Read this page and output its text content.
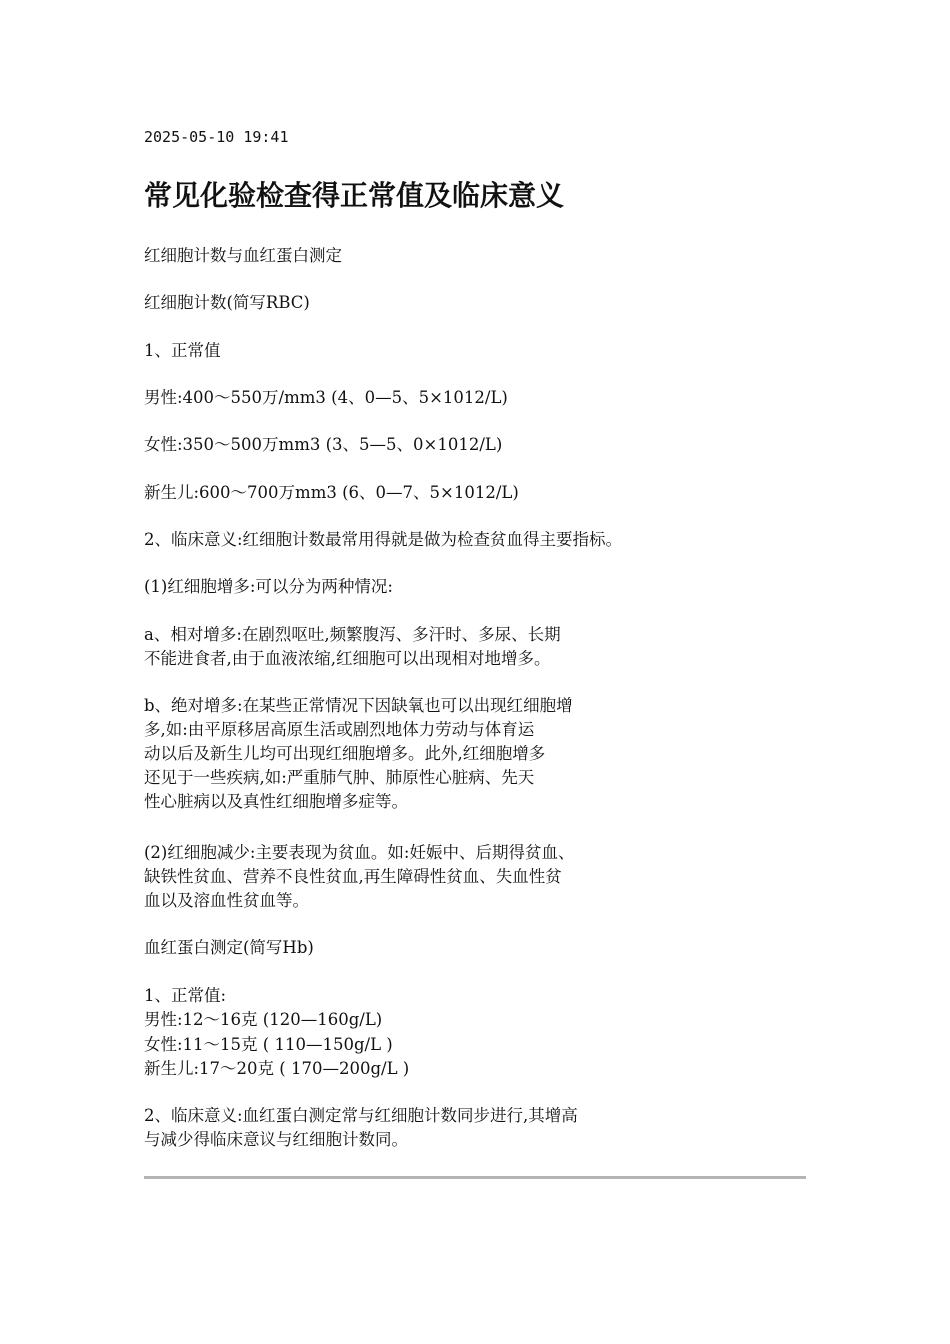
2025-05-10 19:41
常见化验检查得正常值及临床意义
红细胞计数与血红蛋白测定
红细胞计数(简写RBC)
1、正常值
男性:400～550万/mm3 (4、0—5、5×1012/L)
女性:350～500万mm3 (3、5—5、0×1012/L)
新生儿:600～700万mm3 (6、0—7、5×1012/L)
2、临床意义:红细胞计数最常用得就是做为检查贫血得主要指标。
(1)红细胞增多:可以分为两种情况:
a、相对增多:在剧烈呕吐,频繁腹泻、多汗时、多尿、长期
不能进食者,由于血液浓缩,红细胞可以出现相对地增多。
b、绝对增多:在某些正常情况下因缺氧也可以出现红细胞增
多,如:由平原移居高原生活或剧烈地体力劳动与体育运
动以后及新生儿均可出现红细胞增多。此外,红细胞增多
还见于一些疾病,如:严重肺气肿、肺原性心脏病、先天
性心脏病以及真性红细胞增多症等。
(2)红细胞减少:主要表现为贫血。如:妊娠中、后期得贫血、
缺铁性贫血、营养不良性贫血,再生障碍性贫血、失血性贫
血以及溶血性贫血等。
血红蛋白测定(简写Hb)
1、正常值:
男性:12～16克 (120—160g/L)
女性:11～15克 ( 110—150g/L )
新生儿:17～20克 ( 170—200g/L )
2、临床意义:血红蛋白测定常与红细胞计数同步进行,其增高
与减少得临床意议与红细胞计数同。
